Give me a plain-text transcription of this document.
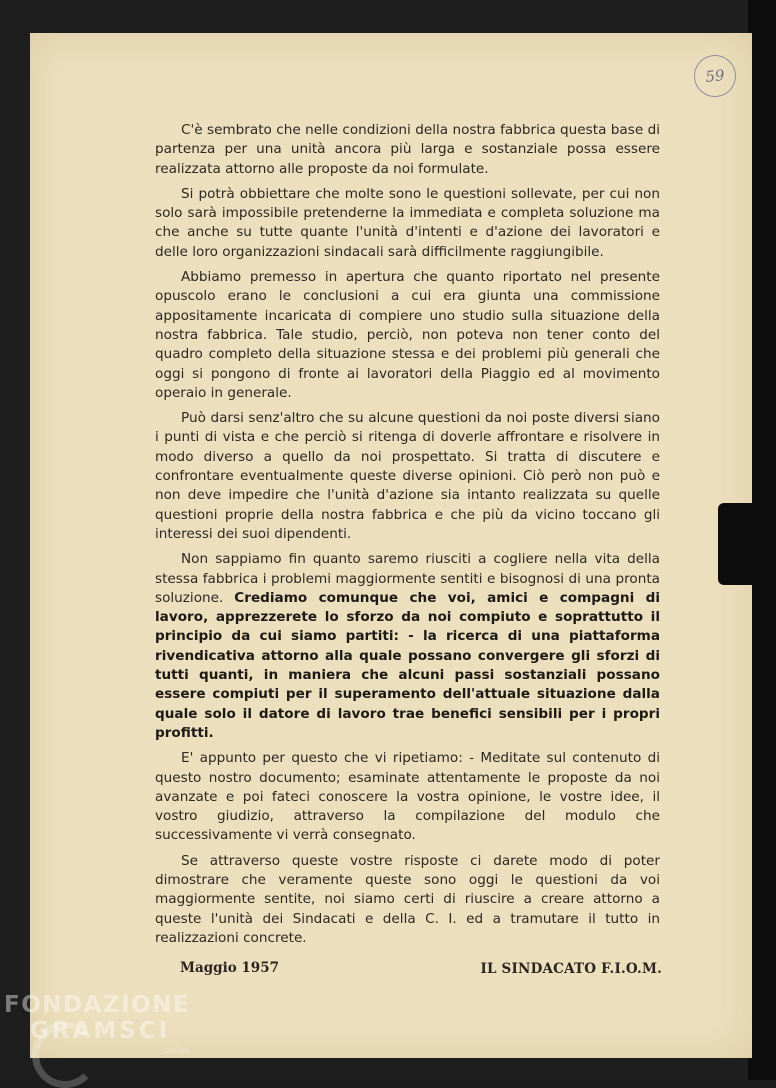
59

C'è sembrato che nelle condizioni della nostra fabbrica questa base di partenza per una unità ancora più larga e sostanziale possa essere realizzata attorno alle proposte da noi formulate.

Si potrà obbiettare che molte sono le questioni sollevate, per cui non solo sarà impossibile pretenderne la immediata e completa soluzione ma che anche su tutte quante l'unità d'intenti e d'azione dei lavoratori e delle loro organizzazioni sindacali sarà difficilmente raggiungibile.

Abbiamo premesso in apertura che quanto riportato nel presente opuscolo erano le conclusioni a cui era giunta una commissione appositamente incaricata di compiere uno studio sulla situazione della nostra fabbrica. Tale studio, perciò, non poteva non tener conto del quadro completo della situazione stessa e dei problemi più generali che oggi si pongono di fronte ai lavoratori della Piaggio ed al movimento operaio in generale.

Può darsi senz'altro che su alcune questioni da noi poste diversi siano i punti di vista e che perciò si ritenga di doverle affrontare e risolvere in modo diverso a quello da noi prospettato. Si tratta di discutere e confrontare eventualmente queste diverse opinioni. Ciò però non può e non deve impedire che l'unità d'azione sia intanto realizzata su quelle questioni proprie della nostra fabbrica e che più da vicino toccano gli interessi dei suoi dipendenti.

Non sappiamo fin quanto saremo riusciti a cogliere nella vita della stessa fabbrica i problemi maggiormente sentiti e bisognosi di una pronta soluzione. Crediamo comunque che voi, amici e compagni di lavoro, apprezzerete lo sforzo da noi compiuto e soprattutto il principio da cui siamo partiti: - la ricerca di una piattaforma rivendicativa attorno alla quale possano convergere gli sforzi di tutti quanti, in maniera che alcuni passi sostanziali possano essere compiuti per il superamento dell'attuale situazione dalla quale solo il datore di lavoro trae benefici sensibili per i propri profitti.

E' appunto per questo che vi ripetiamo: - Meditate sul contenuto di questo nostro documento; esaminate attentamente le proposte da noi avanzate e poi fateci conoscere la vostra opinione, le vostre idee, il vostro giudizio, attraverso la compilazione del modulo che successivamente vi verrà consegnato.

Se attraverso queste vostre risposte ci darete modo di poter dimostrare che veramente queste sono oggi le questioni da voi maggiormente sentite, noi siamo certi di riuscire a creare attorno a queste l'unità dei Sindacati e della C. I. ed a tramutare il tutto in realizzazioni concrete.

Maggio 1957	IL SINDACATO F.I.O.M.
FONDAZIONE
GRAMSCI
onlus
